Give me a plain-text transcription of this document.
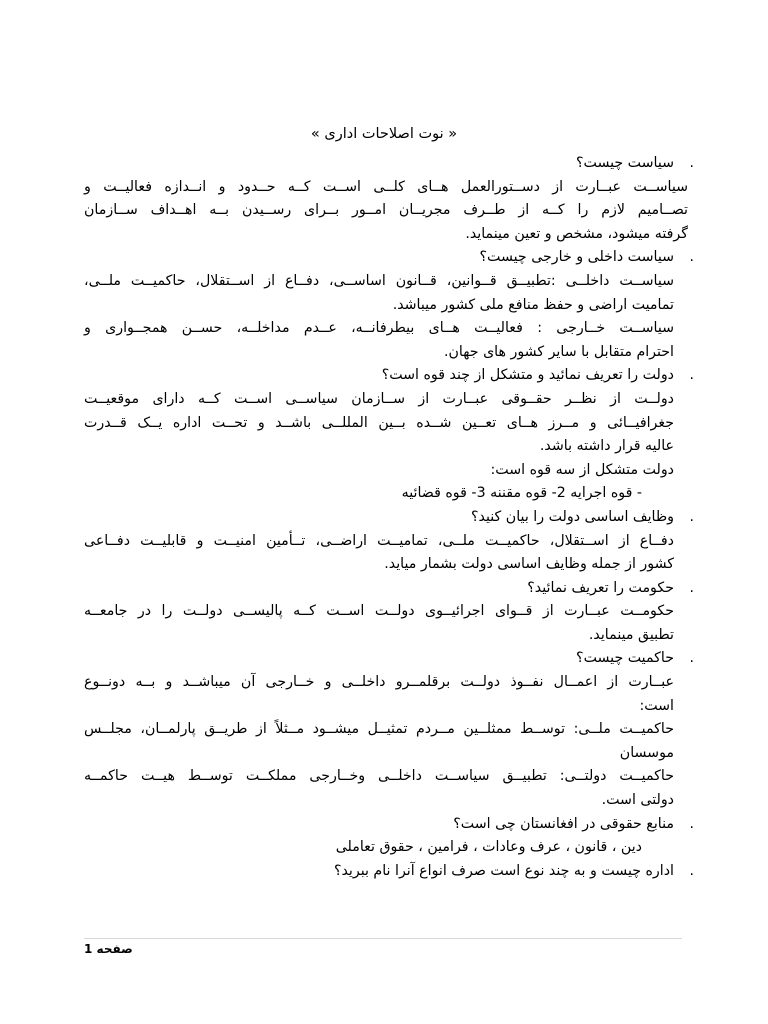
« نوت اصلاحات اداری »
.
سیاست چیست؟
سیاســت عبــارت از دســتورالعمل هــای کلــی اســت کــه حــدود و انــدازه فعالیــت و
تصــامیم لازم را کــه از طــرف مجریــان امــور بــرای رســیدن بــه اهــداف ســازمان
گرفته میشود، مشخص و تعین مینماید.
.
سیاست داخلی و خارجی چیست؟
سیاســت داخلــی :تطبیــق قــوانین، قــانون اساســی، دفــاع از اســتقلال، حاکمیــت ملــی،
تمامیت اراضی و حفظ منافع ملی کشور میباشد.
سیاســت خــارجی : فعالیــت هــای بیطرفانــه، عــدم مداخلــه، حســن همجــواری و
احترام متقابل با سایر کشور های جهان.
.
دولت را تعریف نمائید و متشکل از چند قوه است؟
دولــت از نظــر حقــوقی عبــارت از ســازمان سیاســی اســت کــه دارای موقعیــت
جغرافیــائی و مــرز هــای تعــین شــده بــین المللــی باشــد و تحــت اداره یــک قــدرت
عالیه قرار داشته باشد.
دولت متشکل از سه قوه است:
- قوه اجرایه 2- قوه مقننه 3- قوه قضائیه
.
وظایف اساسی دولت را بیان کنید؟
دفــاع از اســتقلال، حاکمیــت ملــی، تمامیــت اراضــی، تــأمین امنیــت و قابلیــت دفــاعی
کشور از جمله وظایف اساسی دولت بشمار میاید.
.
حکومت را تعریف نمائید؟
حکومــت عبــارت از قــوای اجرائیــوی دولــت اســت کــه پالیســی دولــت را در جامعــه
تطبیق مینماید.
.
حاکمیت چیست؟
عبــارت از اعمــال نفــوذ دولــت برقلمــرو داخلــی و خــارجی آن میباشــد و بــه دونــوع
است:
حاکمیــت ملــی: توســط ممثلــین مــردم تمثیــل میشــود مــثلاً از طریــق پارلمــان، مجلــس
موسسان
حاکمیــت دولتــی: تطبیــق سیاســت داخلــی وخــارجی مملکــت توســط هیــت حاکمــه
دولتی است.
.
منابع حقوقی در افغانستان چی است؟
دین ، قانون ، عرف وعادات ، فرامین ، حقوق تعاملی
.
اداره چیست و به چند نوع است صرف انواع آنرا نام ببرید؟
صفحه 1
